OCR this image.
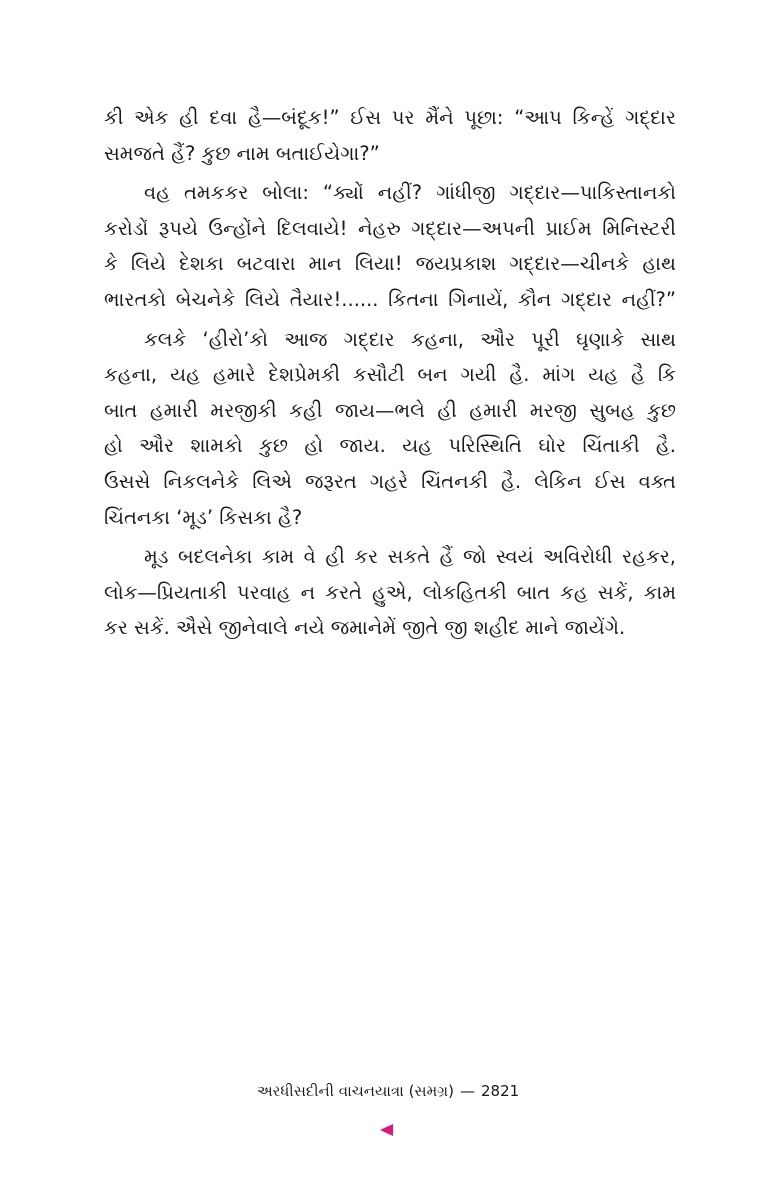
કી એક હી દવા હૈ—બંદૂક!” ઈસ પર મૈંને પૂછા: “આપ કિન્હેં ગદ્દાર
સમજતે હૈં? કુછ નામ બતાઈયેગા?”
વહ તમકકર બોલા: “ક્યોં નહીં? ગાંધીજી ગદ્દાર—પાકિસ્તાનકો
કરોડોં રૂપયે ઉન્હોંને દિલવાયે! નેહરુ ગદ્દાર—અપની પ્રાઈમ મિનિસ્ટરી
કે લિયે દેશકા બટવારા માન લિયા! જયપ્રકાશ ગદ્દાર—ચીનકે હાથ
ભારતકો બેચનેકે લિયે તૈયાર!...... કિતના ગિનાયેં, કૌન ગદ્દાર નહીં?”
કલકે ‘હીરો’કો આજ ગદ્દાર કહના, ઔર પૂરી ઘૃણાકે સાથ
કહના, યહ હમારે દેશપ્રેમકી કસૌટી બન ગયી હૈ. માંગ યહ હૈ કિ
બાત હમારી મરજીકી કહી જાય—ભલે હી હમારી મરજી સુબહ કુછ
હો ઔર શામકો કુછ હો જાય. યહ પરિસ્થિતિ ઘોર ચિંતાકી હૈ.
ઉસસે નિકલનેકે લિએ જરૂરત ગહરે ચિંતનકી હૈ. લેકિન ઈસ વક્ત
ચિંતનકા ‘મૂડ’ કિસકા હૈ?
મૂડ બદલનેકા કામ વે હી કર સકતે હૈં જો સ્વયં અવિરોધી રહકર,
લોક—પ્રિયતાકી પરવાહ ન કરતે હુએ, લોકહિતકી બાત કહ સકેં, કામ
કર સકેં. ઐસે જીનેવાલે નયે જમાનેમેં જીતે જી શહીદ માને જાયેંગે.
અરધીસદીની વાચનયાત્રા (સમગ્ર) — 2821
